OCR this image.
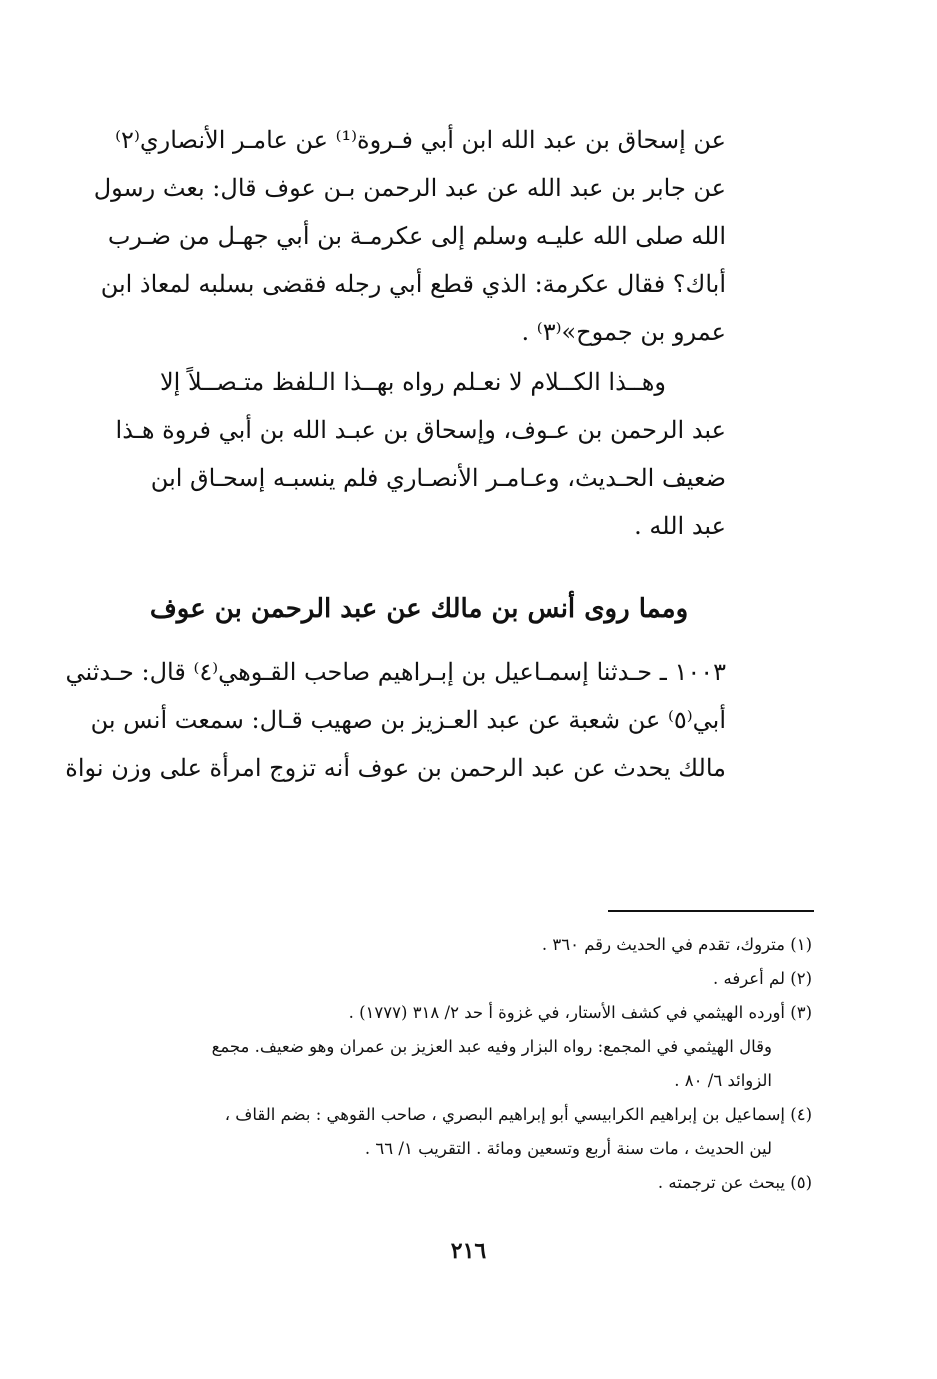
عن إسحاق بن عبد الله ابن أبي فـروة⁽¹⁾ عن عامـر الأنصاري⁽٢⁾
عن جابر بن عبد الله عن عبد الرحمن بـن عوف قال: بعث رسول
الله صلى الله عليـه وسلم إلى عكرمـة بن أبي جهـل من ضـرب
أباك؟ فقال عكرمة: الذي قطع أبي رجله فقضى بسلبه لمعاذ ابن
عمرو بن جموح»⁽٣⁾ .
وهــذا الكــلام لا نعـلم رواه بهــذا الـلفظ متـصــلاً إلا
عبد الرحمن بن عـوف، وإسحاق بن عبـد الله بن أبي فروة هـذا
ضعيف الحـديث، وعـامـر الأنصـاري فلم ينسبـه إسحـاق ابن
عبد الله .
ومما روى أنس بن مالك عن عبد الرحمن بن عوف
١٠٠٣ ـ حـدثنا إسمـاعيل بن إبـراهيم صاحب القـوهي⁽٤⁾ قال: حـدثني
أبي⁽٥⁾ عن شعبة عن عبد العـزيز بن صهيب قـال: سمعت أنس بن
مالك يحدث عن عبد الرحمن بن عوف أنه تزوج امرأة على وزن نواة
(١) متروك، تقدم في الحديث رقم ٣٦٠ .
(٢) لم أعرفه .
(٣) أورده الهيثمي في كشف الأستار، في غزوة أ حد ٢/ ٣١٨ (١٧٧٧) .
وقال الهيثمي في المجمع: رواه البزار وفيه عبد العزيز بن عمران وهو ضعيف. مجمع
الزوائد ٦/ ٨٠ .
(٤) إسماعيل بن إبراهيم الكرابيسي أبو إبراهيم البصري ، صاحب القوهي : بضم القاف ،
لين الحديث ، مات سنة أربع وتسعين ومائة . التقريب ١/ ٦٦ .
(٥) يبحث عن ترجمته .
٢١٦
